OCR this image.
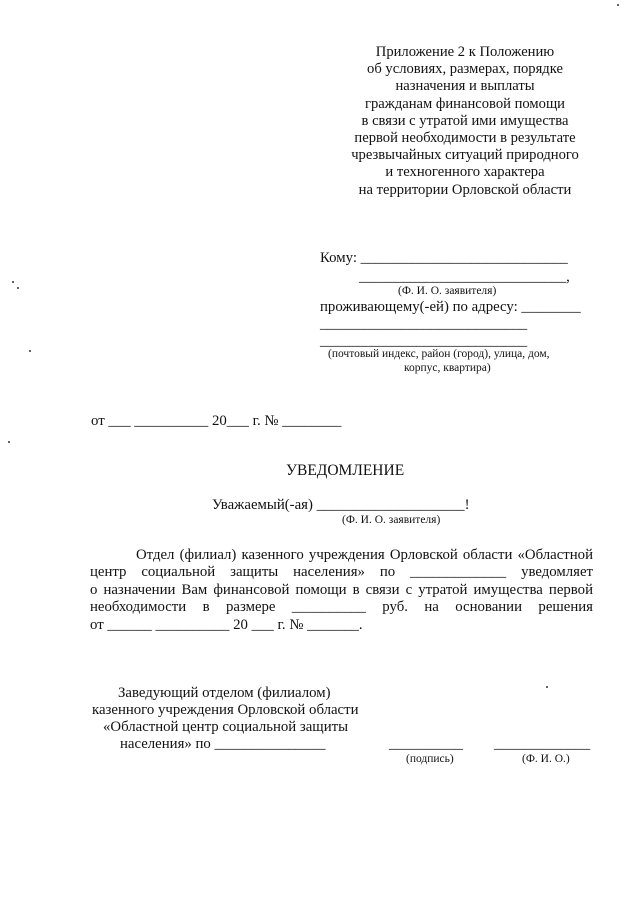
Приложение 2 к Положению
об условиях, размерах, порядке
назначения и выплаты
гражданам финансовой помощи
в связи с утратой ими имущества
первой необходимости в результате
чрезвычайных ситуаций природного
и техногенного характера
на территории Орловской области
Кому: ____________________________
____________________________,
(Ф. И. О. заявителя)
проживающему(-ей) по адресу: ________
____________________________
____________________________
(почтовый индекс, район (город), улица, дом,
корпус, квартира)
от ___ __________ 20___ г. № ________
УВЕДОМЛЕНИЕ
Уважаемый(-ая) ____________________!
(Ф. И. О. заявителя)
Отдел (филиал) казенного учреждения Орловской области «Областной
центр социальной защиты населения» по _____________ уведомляет
о назначении Вам финансовой помощи в связи с утратой имущества первой
необходимости в размере __________ руб. на основании решения
от ______ __________ 20 ___ г. № _______.
Заведующий отделом (филиалом)
казенного учреждения Орловской области
«Областной центр социальной защиты
населения» по _______________	__________ _____________
(подпись)	(Ф. И. О.)
